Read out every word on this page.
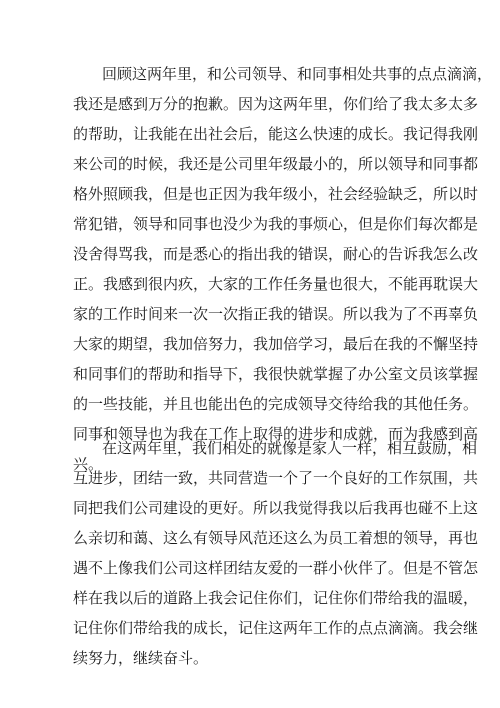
回顾这两年里，和公司领导、和同事相处共事的点点滴滴，
我还是感到万分的抱歉。因为这两年里，你们给了我太多太多
的帮助，让我能在出社会后，能这么快速的成长。我记得我刚
来公司的时候，我还是公司里年级最小的，所以领导和同事都
格外照顾我，但是也正因为我年级小，社会经验缺乏，所以时
常犯错，领导和同事也没少为我的事烦心，但是你们每次都是
没舍得骂我，而是悉心的指出我的错误，耐心的告诉我怎么改
正。我感到很内疚，大家的工作任务量也很大，不能再耽误大
家的工作时间来一次一次指正我的错误。所以我为了不再辜负
大家的期望，我加倍努力，我加倍学习，最后在我的不懈坚持
和同事们的帮助和指导下，我很快就掌握了办公室文员该掌握
的一些技能，并且也能出色的完成领导交待给我的其他任务。
同事和领导也为我在工作上取得的进步和成就，而为我感到高
兴。
在这两年里，我们相处的就像是家人一样，相互鼓励，相
互进步，团结一致，共同营造一个了一个良好的工作氛围，共
同把我们公司建设的更好。所以我觉得我以后我再也碰不上这
么亲切和蔼、这么有领导风范还这么为员工着想的领导，再也
遇不上像我们公司这样团结友爱的一群小伙伴了。但是不管怎
样在我以后的道路上我会记住你们，记住你们带给我的温暖，
记住你们带给我的成长，记住这两年工作的点点滴滴。我会继
续努力，继续奋斗。
